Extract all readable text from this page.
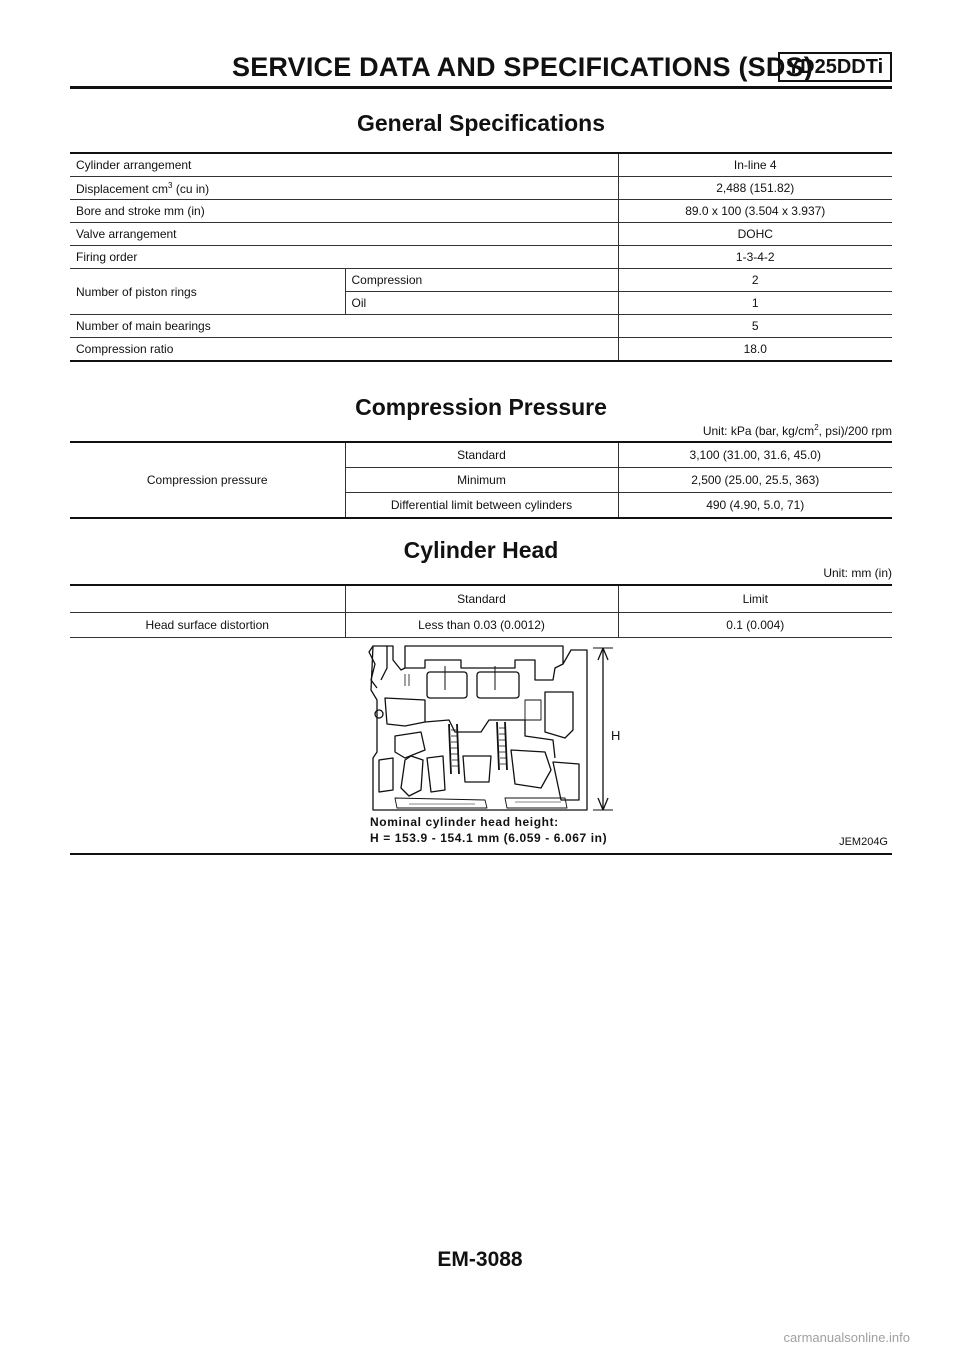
SERVICE DATA AND SPECIFICATIONS (SDS)
YD25DDTi
General Specifications
Cylinder arrangement		In-line 4
Displacement $cm^3$ (cu in)		2,488 (151.82)
Bore and stroke mm (in)		89.0 x 100 (3.504 x 3.937)
Valve arrangement		DOHC
Firing order		1-3-4-2
Number of piston rings	Compression	2
	Oil	1
Number of main bearings		5
Compression ratio		18.0
Compression Pressure
Unit: kPa (bar, $kg/cm^2$, psi)/200 rpm
Compression pressure	Standard	3,100 (31.00, 31.6, 45.0)
	Minimum	2,500 (25.00, 25.5, 363)
	Differential limit between cylinders	490 (4.90, 5.0, 71)
Cylinder Head
Unit: mm (in)
	Standard	Limit
Head surface distortion	Less than 0.03 (0.0012)	0.1 (0.004)
H
Nominal cylinder head height:
H = 153.9 - 154.1 mm (6.059 - 6.067 in)	JEM204G
EM-3088
carmanualsonline.info
